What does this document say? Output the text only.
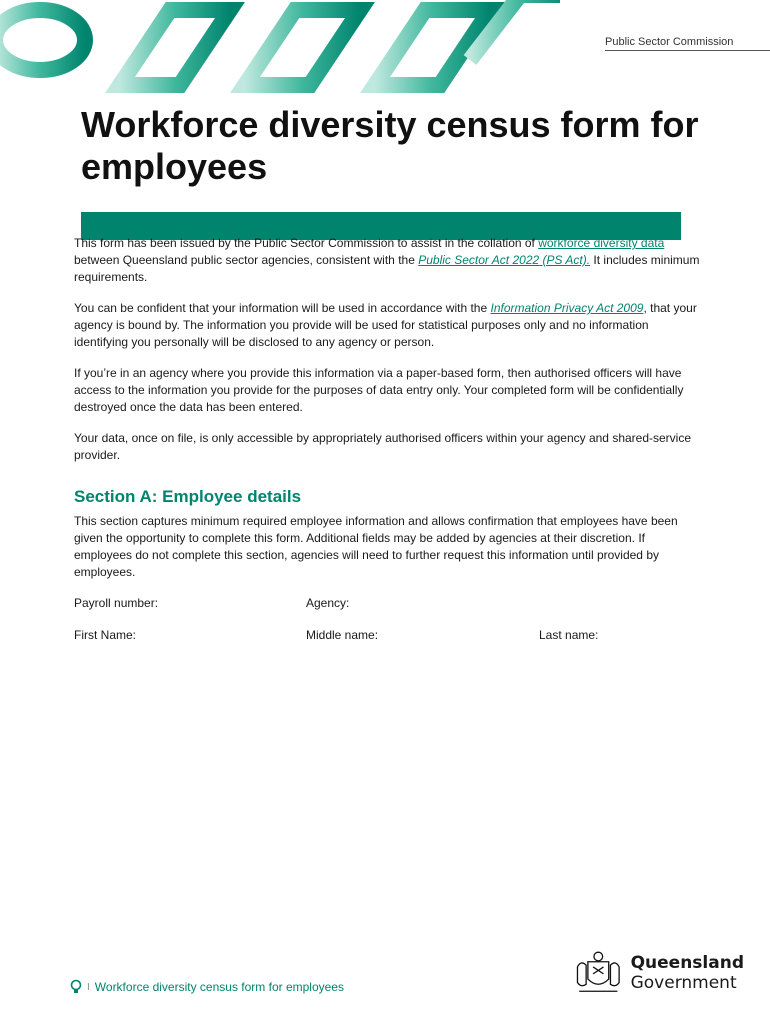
Public Sector Commission
Workforce diversity census form for employees

This form has been issued by the Public Sector Commission to assist in the collation of workforce diversity data between Queensland public sector agencies, consistent with the Public Sector Act 2022 (PS Act). It includes minimum requirements.

You can be confident that your information will be used in accordance with the Information Privacy Act 2009, that your agency is bound by. The information you provide will be used for statistical purposes only and no information identifying you personally will be disclosed to any agency or person.

If you’re in an agency where you provide this information via a paper-based form, then authorised officers will have access to the information you provide for the purposes of data entry only. Your completed form will be confidentially destroyed once the data has been entered.

Your data, once on file, is only accessible by appropriately authorised officers within your agency and shared-service provider.

Section A: Employee details

This section captures minimum required employee information and allows confirmation that employees have been given the opportunity to complete this form. Additional fields may be added by agencies at their discretion. If employees do not complete this section, agencies will need to further request this information until provided by employees.

Payroll number:	Agency:
First Name:	Middle name:	Last name:
I Workforce diversity census form for employees
Queensland
Government
